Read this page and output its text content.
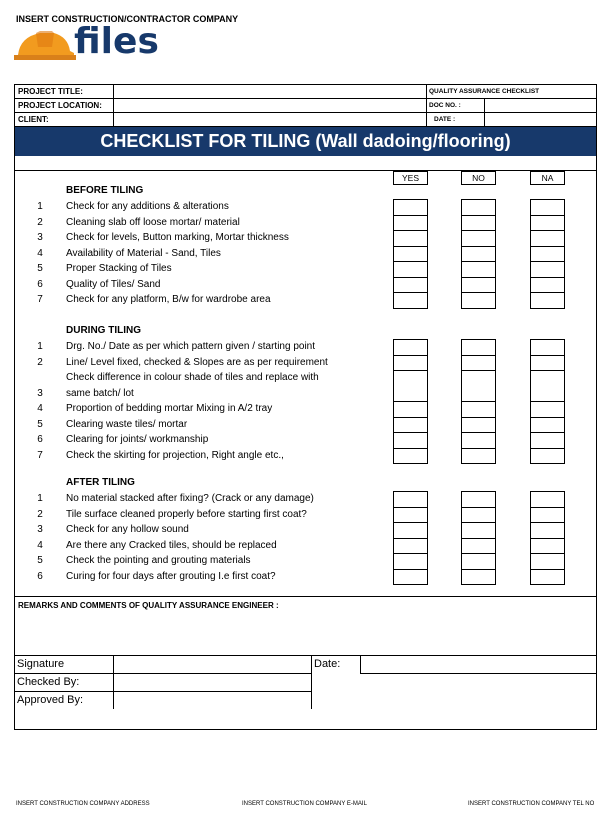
INSERT CONSTRUCTION/CONTRACTOR COMPANY
files
PROJECT TITLE:
PROJECT LOCATION:
CLIENT:
QUALITY ASSURANCE CHECKLIST
DOC NO. :
DATE :
CHECKLIST FOR TILING (Wall dadoing/flooring)
YES	NO	NA
BEFORE TILING
DURING TILING
AFTER TILING
1	Check for any additions & alterations
2	Cleaning slab off loose mortar/ material
3	Check for levels, Button marking, Mortar thickness
4	Availability of Material - Sand, Tiles
5	Proper Stacking of Tiles
6	Quality of Tiles/ Sand
7	Check for any platform, B/w for wardrobe area
1	Drg. No./ Date as per which pattern given / starting point
2	Line/ Level fixed, checked & Slopes are as per requirement
Check difference in colour shade of tiles and replace with
3	same batch/ lot
4	Proportion of bedding mortar Mixing in A/2 tray
5	Clearing waste tiles/ mortar
6	Clearing for joints/ workmanship
7	Check the skirting for projection, Right angle etc.,
1	No material stacked after fixing? (Crack or any damage)
2	Tile surface cleaned properly before starting first coat?
3	Check for any hollow sound
4	Are there any Cracked tiles, should be replaced
5	Check the pointing and grouting materials
6	Curing for four days after grouting I.e first coat?
REMARKS AND COMMENTS OF QUALITY ASSURANCE ENGINEER :
Signature	Date:
Checked By:
Approved By:
INSERT CONSTRUCTION COMPANY ADDRESS	INSERT CONSTRUCTION COMPANY E-MAIL	INSERT CONSTRUCTION COMPANY TEL NO
